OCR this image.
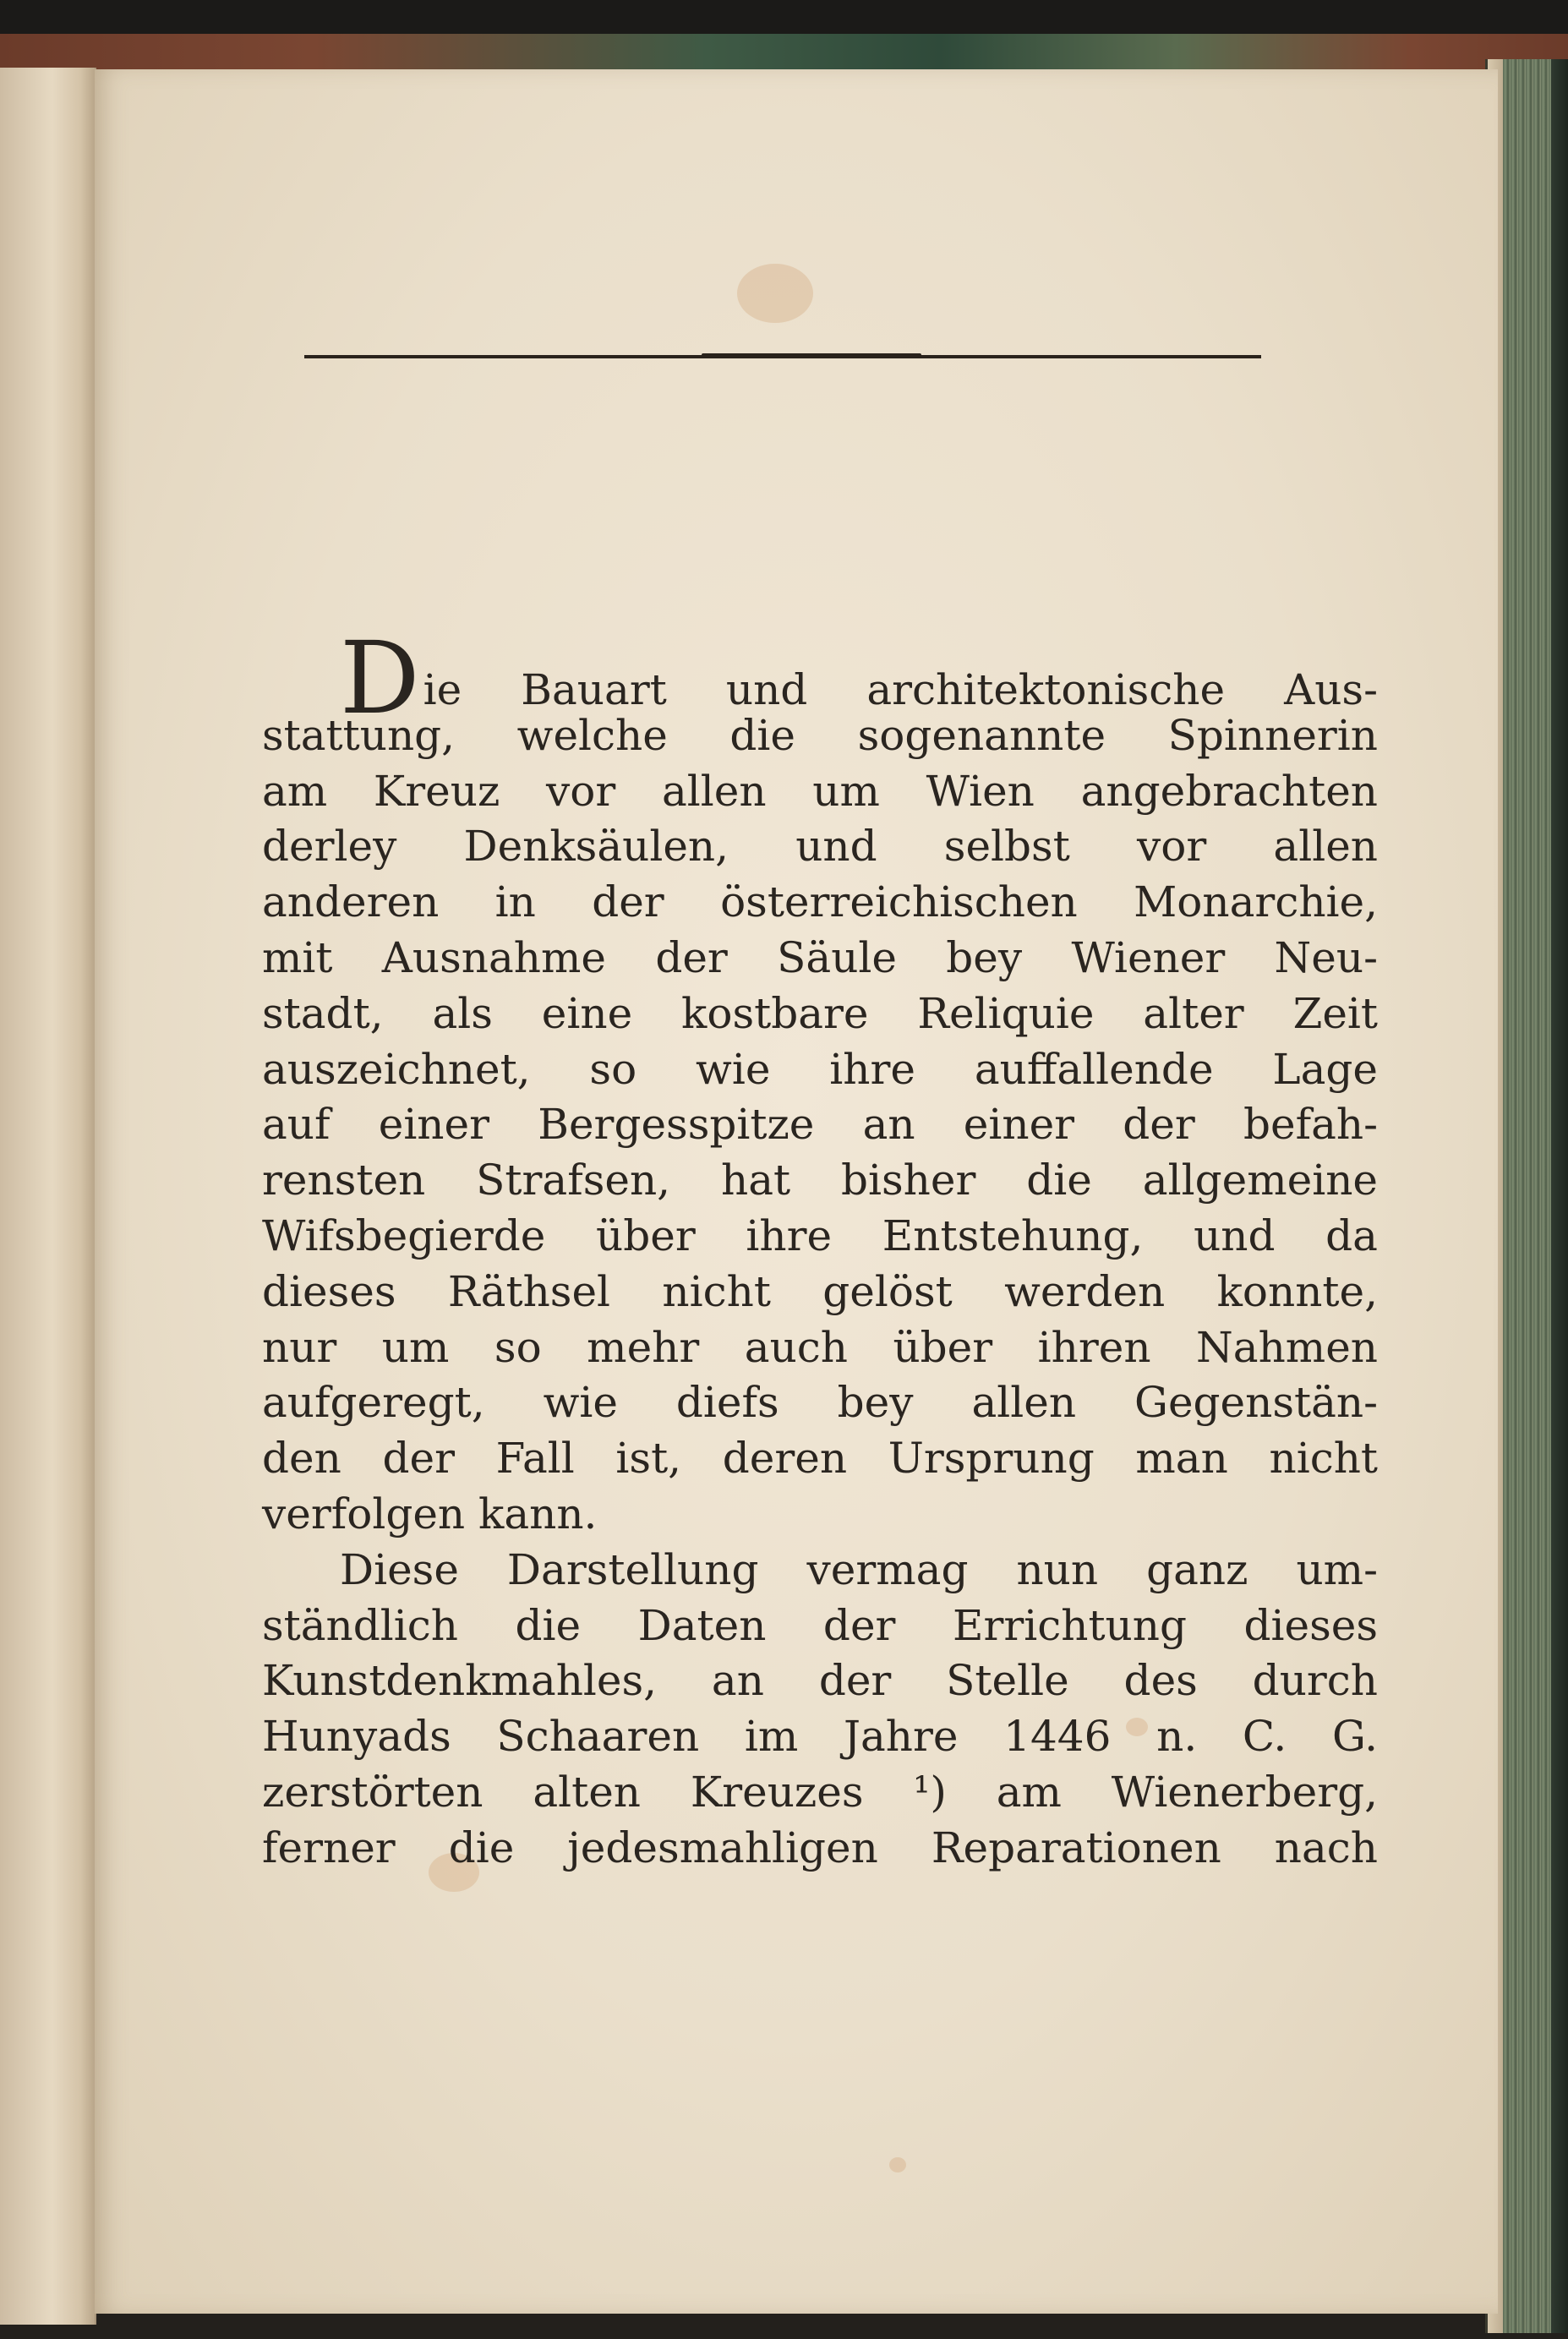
Die Bauart und architektonische Aus-
stattung, welche die sogenannte Spinnerin
am Kreuz vor allen um Wien angebrachten
derley Denksäulen, und selbst vor allen
anderen in der österreichischen Monarchie,
mit Ausnahme der Säule bey Wiener Neu-
stadt, als eine kostbare Reliquie alter Zeit
auszeichnet, so wie ihre auffallende Lage
auf einer Bergesspitze an einer der befah-
rensten Strafsen, hat bisher die allgemeine
Wifsbegierde über ihre Entstehung, und da
dieses Räthsel nicht gelöst werden konnte,
nur um so mehr auch über ihren Nahmen
aufgeregt, wie diefs bey allen Gegenstän-
den der Fall ist, deren Ursprung man nicht
verfolgen kann.
Diese Darstellung vermag nun ganz um-
ständlich die Daten der Errichtung dieses
Kunstdenkmahles, an der Stelle des durch
Hunyads Schaaren im Jahre 1446 n. C. G.
zerstörten alten Kreuzes ¹) am Wienerberg,
ferner die jedesmahligen Reparationen nach
